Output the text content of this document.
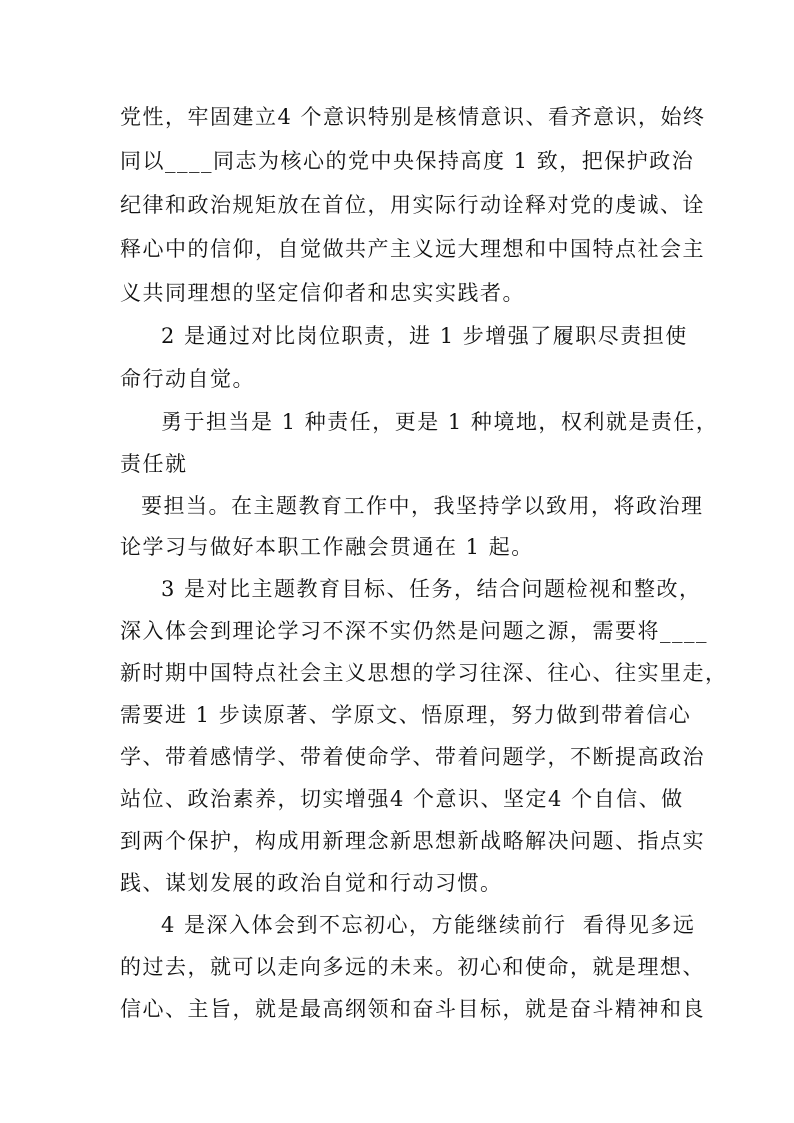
党性，牢固建立4 个意识特别是核情意识、看齐意识，始终
同以____同志为核心的党中央保持高度 1 致，把保护政治
纪律和政治规矩放在首位，用实际行动诠释对党的虔诚、诠
释心中的信仰，自觉做共产主义远大理想和中国特点社会主
义共同理想的坚定信仰者和忠实实践者。
2 是通过对比岗位职责，进 1 步增强了履职尽责担使
命行动自觉。
勇于担当是 1 种责任，更是 1 种境地，权利就是责任，
责任就
要担当。在主题教育工作中，我坚持学以致用，将政治理
论学习与做好本职工作融会贯通在 1 起。
3 是对比主题教育目标、任务，结合问题检视和整改，
深入体会到理论学习不深不实仍然是问题之源，需要将____
新时期中国特点社会主义思想的学习往深、往心、往实里走，
需要进 1 步读原著、学原文、悟原理，努力做到带着信心
学、带着感情学、带着使命学、带着问题学，不断提高政治
站位、政治素养，切实增强4 个意识、坚定4 个自信、做
到两个保护，构成用新理念新思想新战略解决问题、指点实
践、谋划发展的政治自觉和行动习惯。
4 是深入体会到不忘初心，方能继续前行  看得见多远
的过去，就可以走向多远的未来。初心和使命，就是理想、
信心、主旨，就是最高纲领和奋斗目标，就是奋斗精神和良
